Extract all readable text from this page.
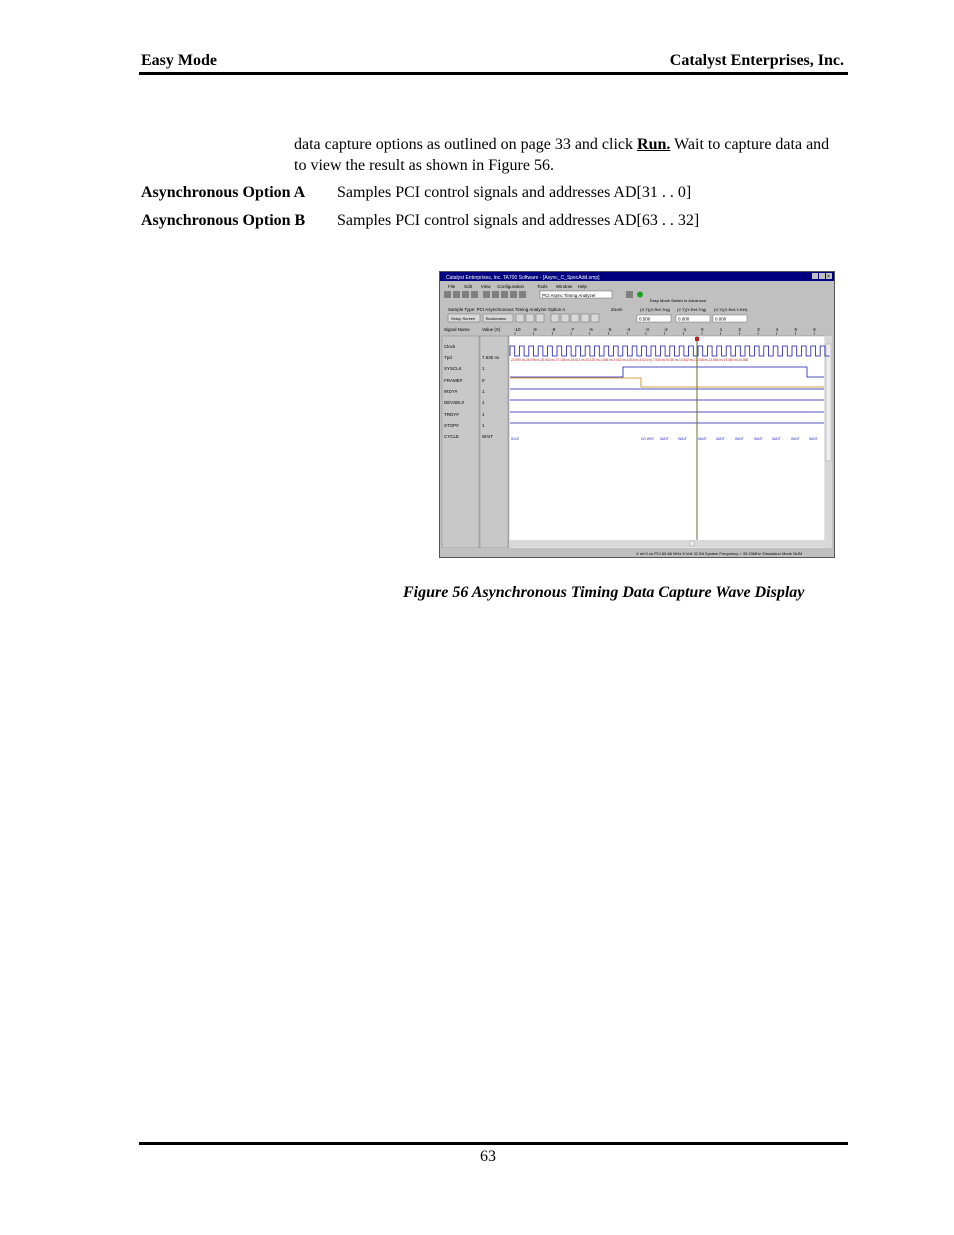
Easy Mode	Catalyst Enterprises, Inc.
data capture options as outlined on page 33 and click Run. Wait to capture data and to view the result as shown in Figure 56.
Asynchronous Option A Samples PCI control signals and addresses AD[31 . . 0]
Asynchronous Option B Samples PCI control signals and addresses AD[63 . . 32]
Catalyst Enterprises, Inc. TA700 Software - [Async_C_SpecAdd.smp]	×
File Edit View Configuration	Tools Window Help
PCI Async Timing Analyzer
Easy Mode Switch to Advanced
Sample Type: PCI Asynchronous Timing Analyzer Option A
Setup Screen	Bookmarks
Zoom	(X-T)(X-Ref-Trig) (Y-T)(Y-Ref-Trig) (X-Y)(X-Ref-Y-Ref)
0.500	0.000	0.000
Signal Name	Value (X)	-10	-9	-8	-7	-6	-5	-4	-3	-2	-1	0	1	2	3	4	5	6
Clock
Tpd	7.530 ns
SYSCLK	1
FRAME#	0
IRDY#	1
DEVSEL#	1
TRDY#	1
STOP#	1
CYCLE	WAIT
22.590 ns 24.096 ns 25.602 ns 27.108 ns 28.614 ns 30.120 ns 1.506 ns 3.012 ns 4.518 ns 6.024 ns 7.530 ns 9.036 ns 10.542 ns 12.048 ns 13.554 ns 15.060 ns 16.566
IDLE	I/O W/R WAIT	WAIT	WAIT	WAIT	WAIT	WAIT	WAIT	WAIT	WAIT
X ref 0 us PCI 66.66 MHz 5 Volt 32 Bit System Frequency = 33.33MHz Simulation Mode NUM
Figure 56 Asynchronous Timing Data Capture Wave Display
63
